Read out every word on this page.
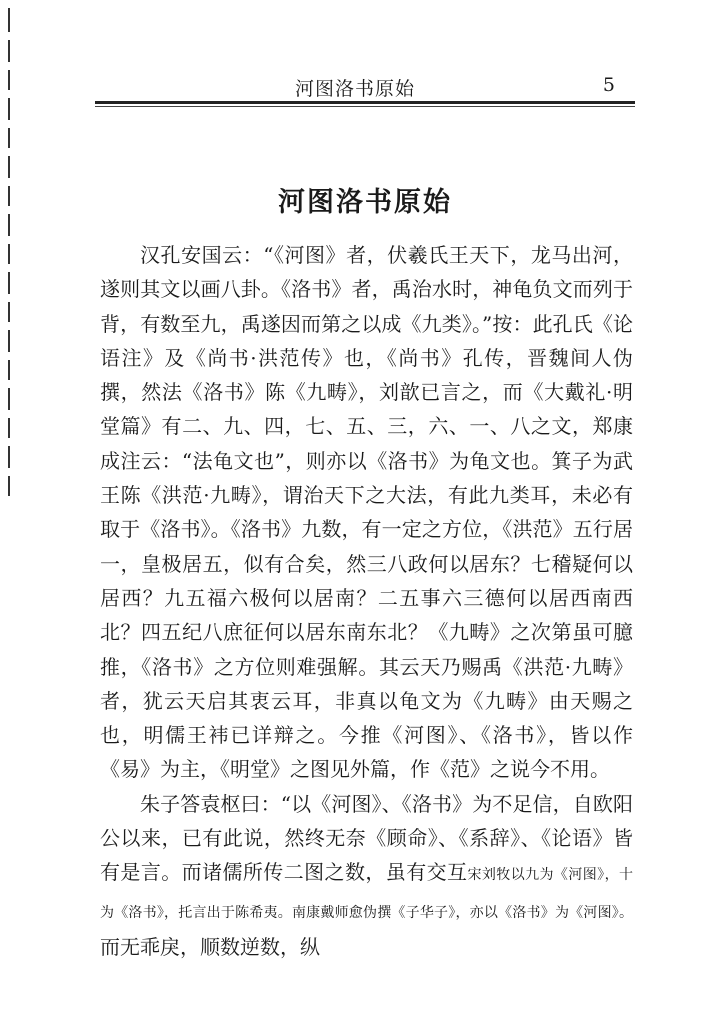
河图洛书原始	5
河图洛书原始

汉孔安国云：“《河图》者，伏羲氏王天下，龙马出河，遂则其文以画八卦。《洛书》者，禹治水时，神龟负文而列于背，有数至九，禹遂因而第之以成《九类》。”按：此孔氏《论语注》及《尚书·洪范传》也，《尚书》孔传，晋魏间人伪撰，然法《洛书》陈《九畴》，刘歆已言之，而《大戴礼·明堂篇》有二、九、四，七、五、三，六、一、八之文，郑康成注云：“法龟文也”，则亦以《洛书》为龟文也。箕子为武王陈《洪范·九畴》，谓治天下之大法，有此九类耳，未必有取于《洛书》。《洛书》九数，有一定之方位，《洪范》五行居一，皇极居五，似有合矣，然三八政何以居东？七稽疑何以居西？九五福六极何以居南？二五事六三德何以居西南西北？四五纪八庶征何以居东南东北？《九畴》之次第虽可臆推，《洛书》之方位则难强解。其云天乃赐禹《洪范·九畴》者，犹云天启其衷云耳，非真以龟文为《九畴》由天赐之也，明儒王袆已详辩之。今推《河图》、《洛书》，皆以作《易》为主，《明堂》之图见外篇，作《范》之说今不用。

朱子答袁枢曰：“以《河图》、《洛书》为不足信，自欧阳公以来，已有此说，然终无奈《顾命》、《系辞》、《论语》皆有是言。而诸儒所传二图之数，虽有交互宋刘牧以九为《河图》，十为《洛书》，托言出于陈希夷。南康戴师愈伪撰《子华子》，亦以《洛书》为《河图》。而无乖戾，顺数逆数，纵
